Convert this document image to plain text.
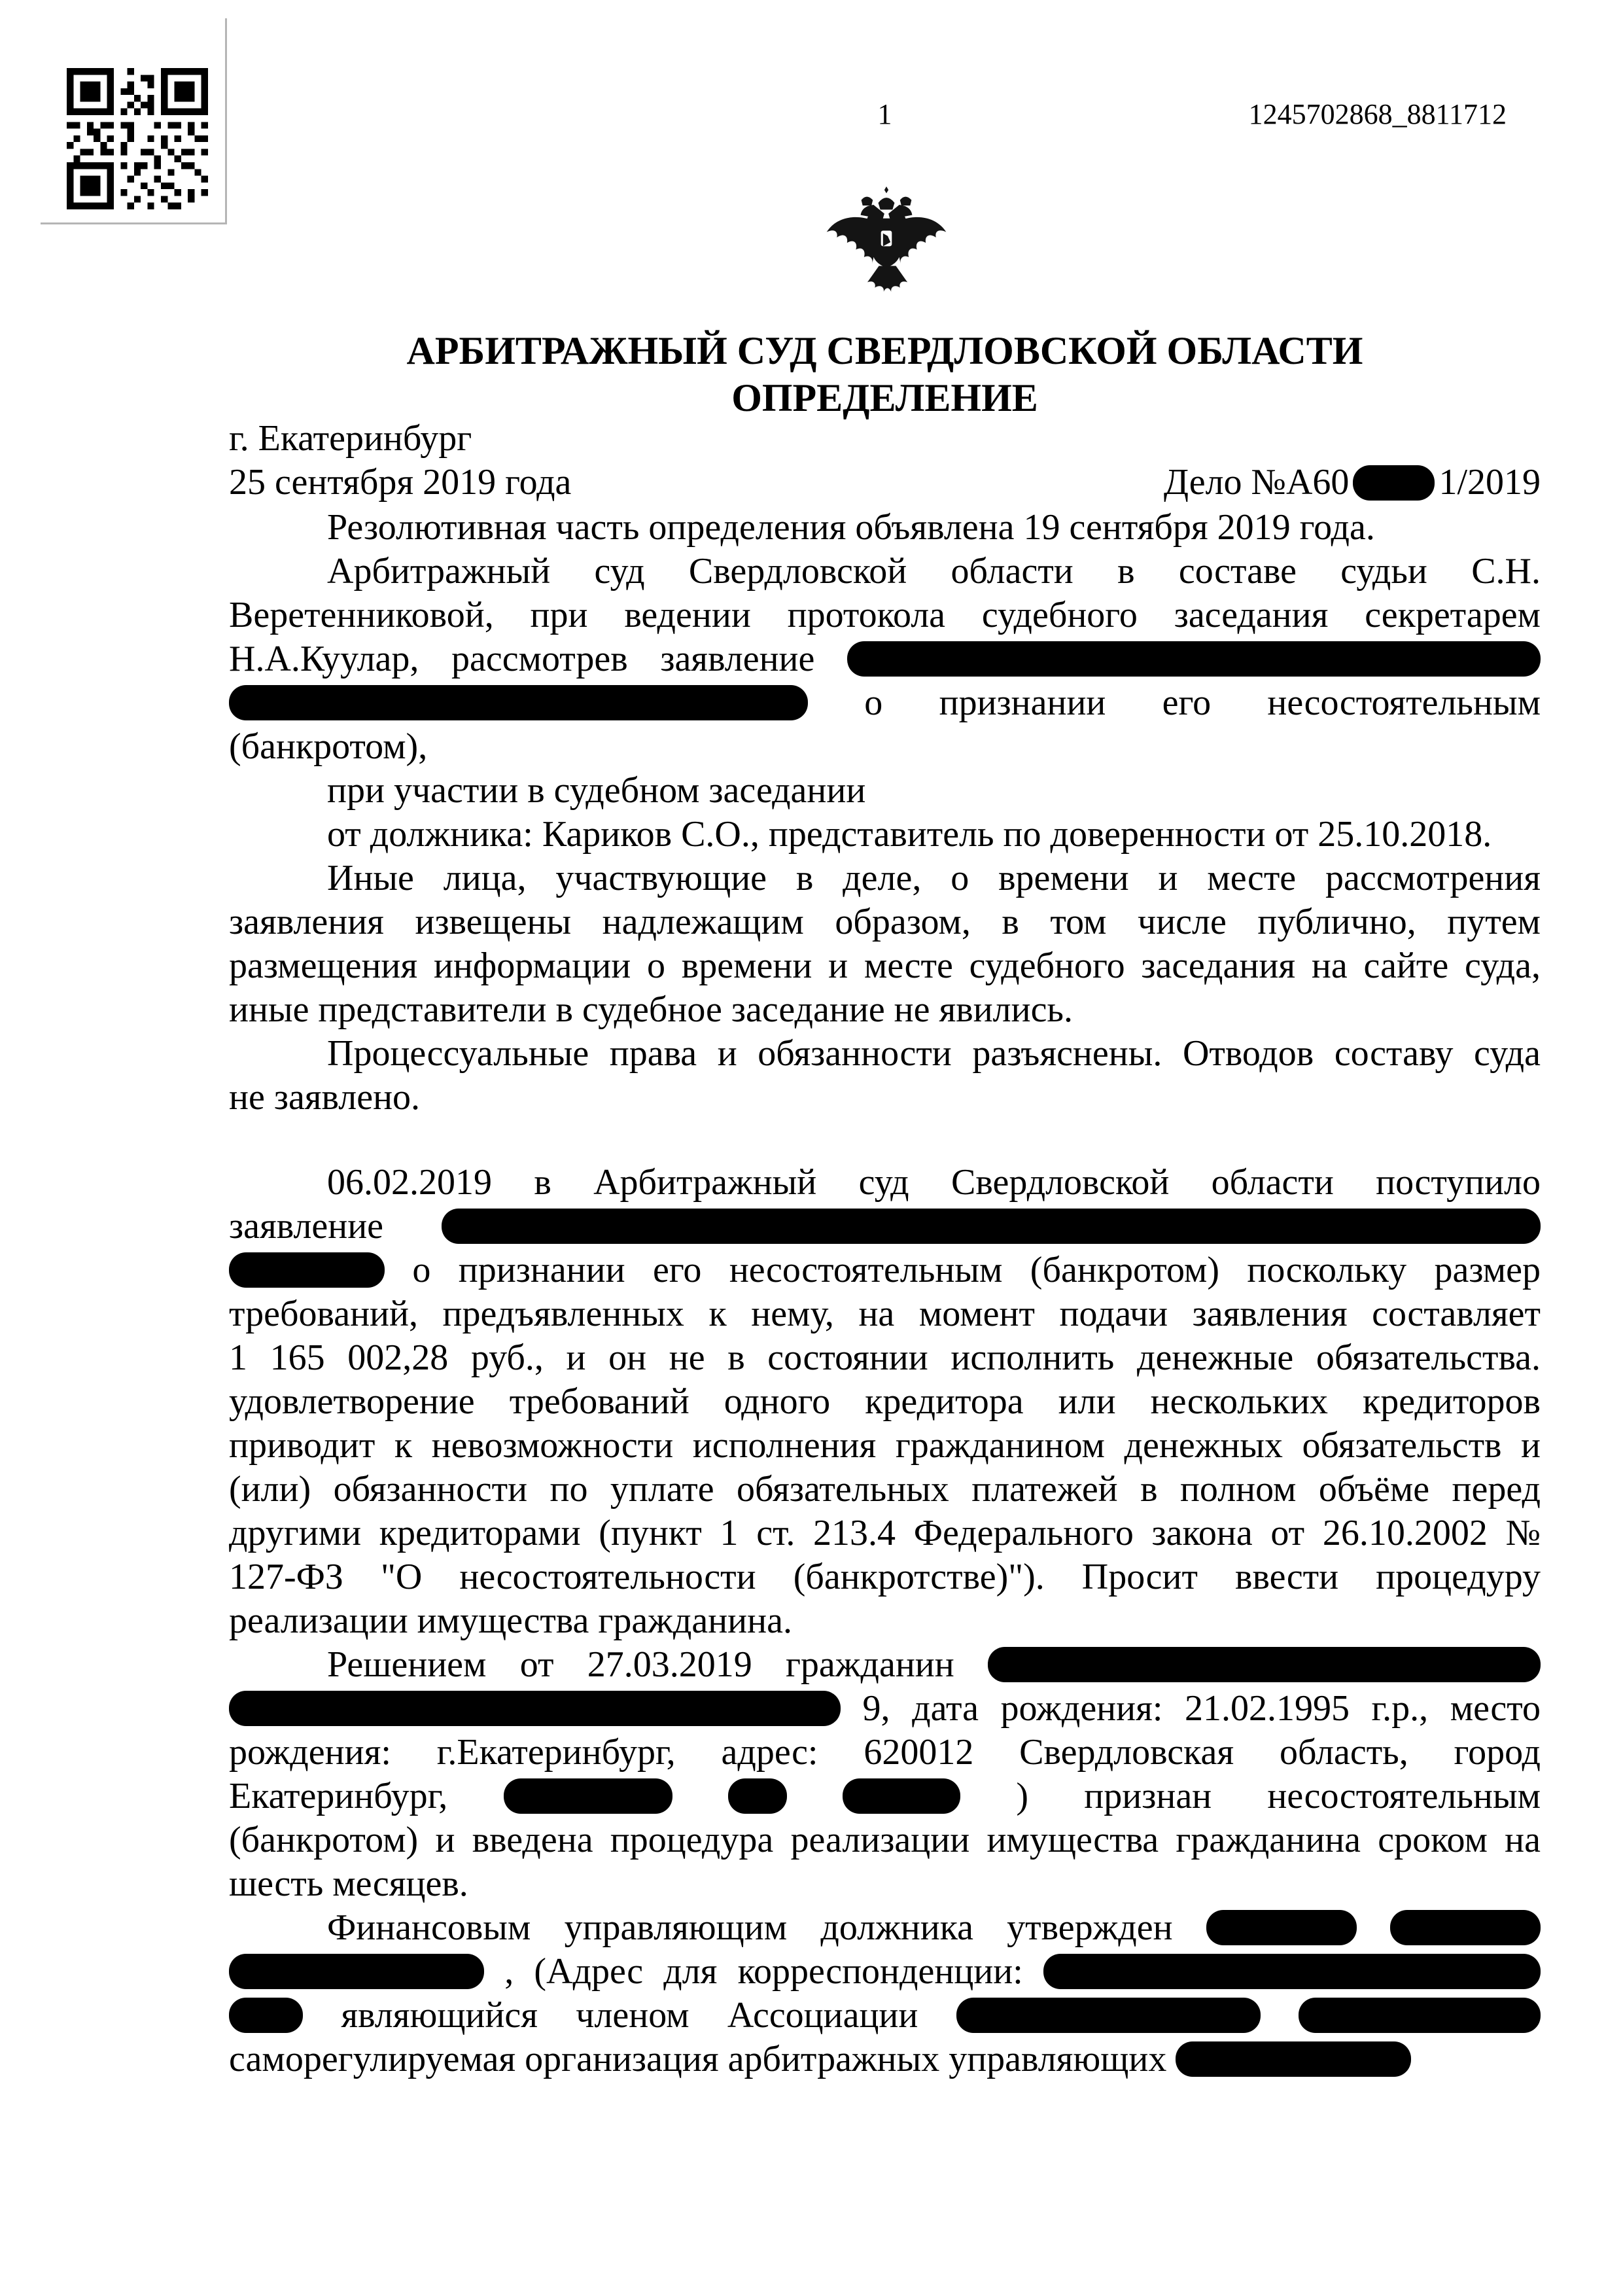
1	1245702868_8811712
АРБИТРАЖНЫЙ СУД СВЕРДЛОВСКОЙ ОБЛАСТИ
ОПРЕДЕЛЕНИЕ
г. Екатеринбург
25 сентября 2019 года	Дело №А60 1/2019
Резолютивная часть определения объявлена 19 сентября 2019 года.
Арбитражный суд Свердловской области в составе судьи С.Н.
Веретенниковой, при ведении протокола судебного заседания секретарем
Н.А.Куулар, рассмотрев заявление
о признании его несостоятельным
(банкротом),
при участии в судебном заседании
от должника: Кариков С.О., представитель по доверенности от 25.10.2018.
Иные лица, участвующие в деле, о времени и месте рассмотрения
заявления извещены надлежащим образом, в том числе публично, путем
размещения информации о времени и месте судебного заседания на сайте суда,
иные представители в судебное заседание не явились.
Процессуальные права и обязанности разъяснены. Отводов составу суда
не заявлено.
06.02.2019 в Арбитражный суд Свердловской области поступило
заявление
о признании его несостоятельным (банкротом) поскольку размер
требований, предъявленных к нему, на момент подачи заявления составляет
1 165 002,28 руб., и он не в состоянии исполнить денежные обязательства.
удовлетворение требований одного кредитора или нескольких кредиторов
приводит к невозможности исполнения гражданином денежных обязательств и
(или) обязанности по уплате обязательных платежей в полном объёме перед
другими кредиторами (пункт 1 ст. 213.4 Федерального закона от 26.10.2002 №
127-ФЗ "О несостоятельности (банкротстве)"). Просит ввести процедуру
реализации имущества гражданина.
Решением от 27.03.2019 гражданин
9, дата рождения: 21.02.1995 г.р., место
рождения: г.Екатеринбург, адрес: 620012 Свердловская область, город
Екатеринбург,	) признан несостоятельным
(банкротом) и введена процедура реализации имущества гражданина сроком на
шесть месяцев.
Финансовым управляющим должника утвержден
, (Адрес для корреспонденции:
являющийся членом Ассоциации
саморегулируемая организация арбитражных управляющих
